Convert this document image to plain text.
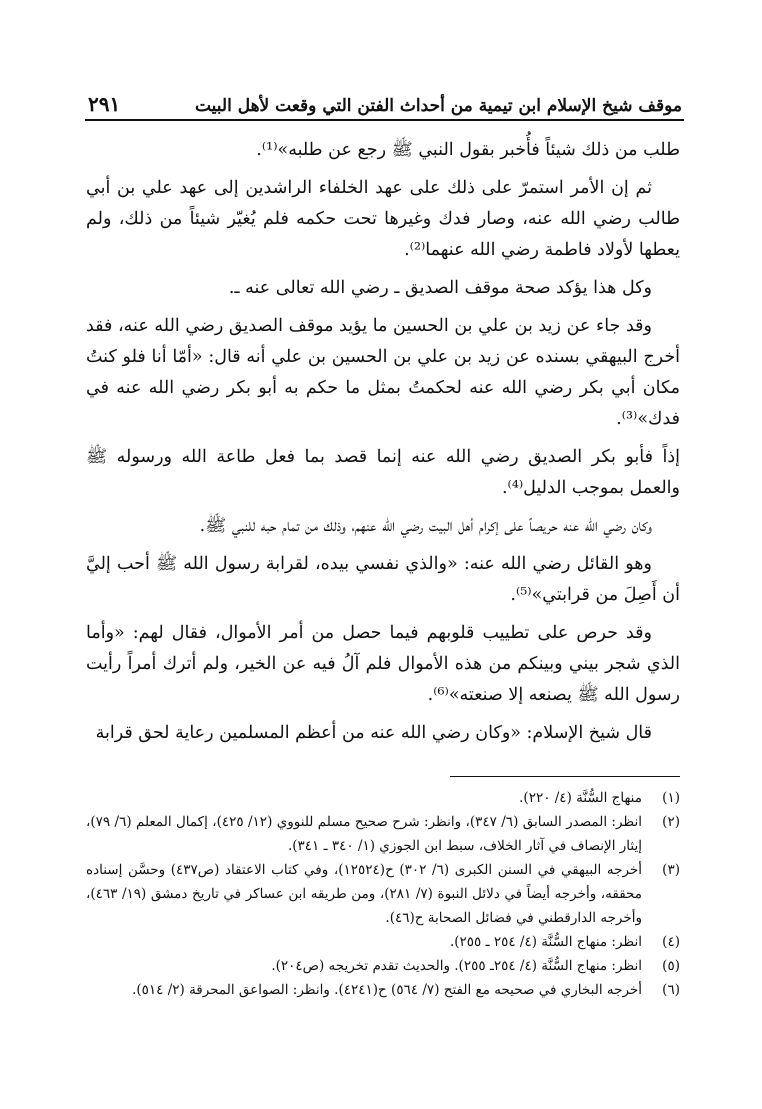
موقف شيخ الإسلام ابن تيمية من أحداث الفتن التي وقعت لأهل البيت
٢٩١

طلب من ذلك شيئاً فأُخبر بقول النبي ﷺ رجع عن طلبه»⁽¹⁾.

ثم إن الأمر استمرّ على ذلك على عهد الخلفاء الراشدين إلى عهد علي بن أبي طالب رضي الله عنه، وصار فدك وغيرها تحت حكمه فلم يُغيّر شيئاً من ذلك، ولم يعطها لأولاد فاطمة رضي الله عنهما⁽²⁾.

وكل هذا يؤكد صحة موقف الصديق ـ رضي الله تعالى عنه ـ.

وقد جاء عن زيد بن علي بن الحسين ما يؤيد موقف الصديق رضي الله عنه، فقد أخرج البيهقي بسنده عن زيد بن علي بن الحسين بن علي أنه قال: «أمّا أنا فلو كنتُ مكان أبي بكر رضي الله عنه لحكمتُ بمثل ما حكم به أبو بكر رضي الله عنه في فدك»⁽³⁾.

إذاً فأبو بكر الصديق رضي الله عنه إنما قصد بما فعل طاعة الله ورسوله ﷺ والعمل بموجب الدليل⁽⁴⁾.

وكان رضي الله عنه حريصاً على إكرام أهل البيت رضي الله عنهم، وذلك من تمام حبه للنبي ﷺ.

وهو القائل رضي الله عنه: «والذي نفسي بيده، لقرابة رسول الله ﷺ أحب إليَّ أن أَصِلَ من قرابتي»⁽⁵⁾.

وقد حرص على تطييب قلوبهم فيما حصل من أمر الأموال، فقال لهم: «وأما الذي شجر بيني وبينكم من هذه الأموال فلم آلُ فيه عن الخير، ولم أترك أمراً رأيت رسول الله ﷺ يصنعه إلا صنعته»⁽⁶⁾.

قال شيخ الإسلام: «وكان رضي الله عنه من أعظم المسلمين رعاية لحق قرابة

(١)
منهاج السُّنَّة (٤/ ٢٢٠).
(٢)
انظر: المصدر السابق (٦/ ٣٤٧)، وانظر: شرح صحيح مسلم للنووي (١٢/ ٤٢٥)، إكمال المعلم (٦/ ٧٩)، إيثار الإنصاف في آثار الخلاف، سبط ابن الجوزي (١/ ٣٤٠ ـ ٣٤١).
(٣)
أخرجه البيهقي في السنن الكبرى (٦/ ٣٠٢) ح(١٢٥٢٤)، وفي كتاب الاعتقاد (ص٤٣٧) وحسَّن إسناده محققه، وأخرجه أيضاً في دلائل النبوة (٧/ ٢٨١)، ومن طريقه ابن عساكر في تاريخ دمشق (١٩/ ٤٦٣)، وأخرجه الدارقطني في فضائل الصحابة ح(٤٦).
(٤)
انظر: منهاج السُّنَّة (٤/ ٢٥٤ ـ ٢٥٥).
(٥)
انظر: منهاج السُّنَّة (٤/ ٢٥٤ـ ٢٥٥). والحديث تقدم تخريجه (ص٢٠٤).
(٦)
أخرجه البخاري في صحيحه مع الفتح (٧/ ٥٦٤) ح(٤٢٤١). وانظر: الصواعق المحرقة (٢/ ٥١٤).
